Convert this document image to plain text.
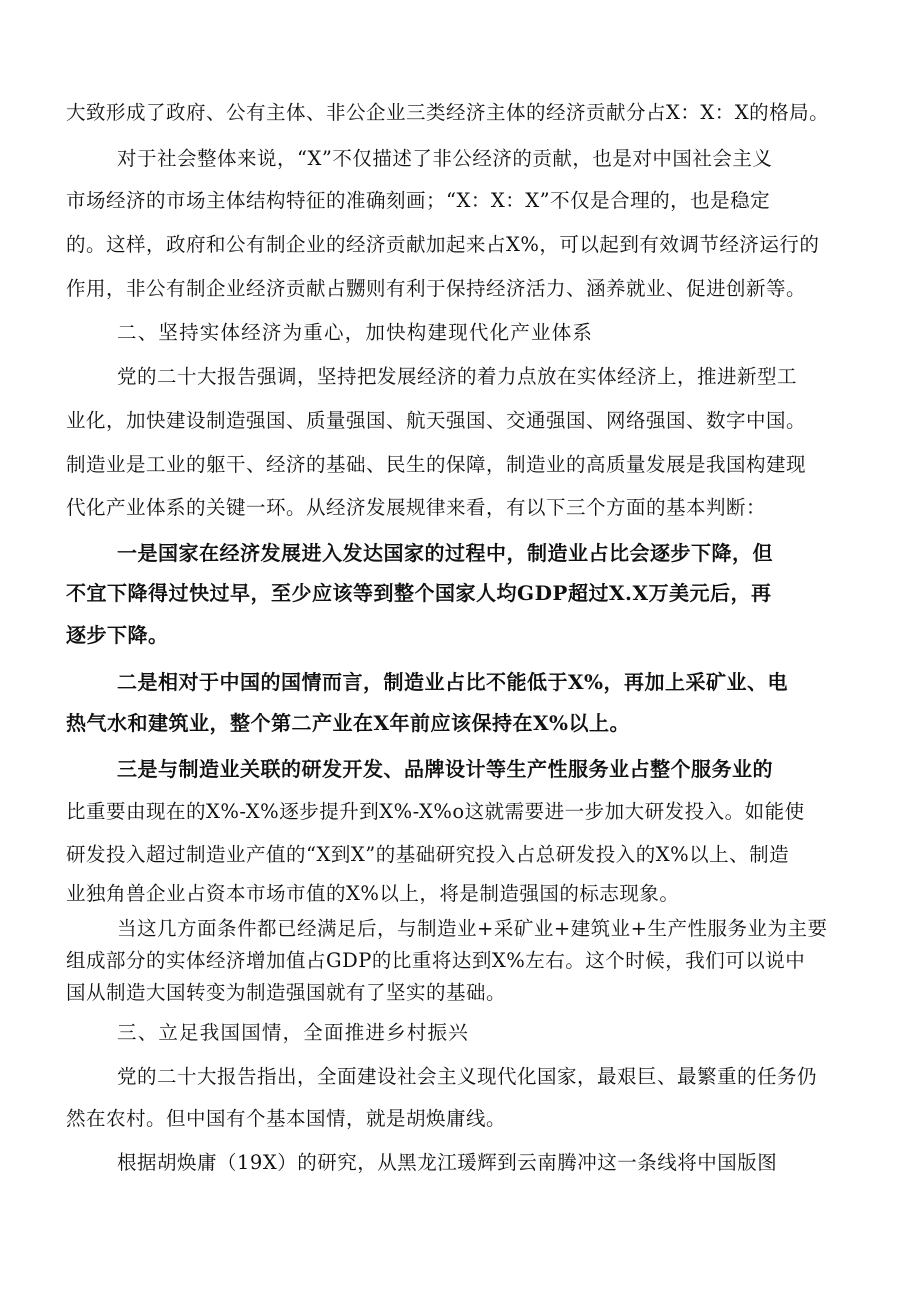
大致形成了政府、公有主体、非公企业三类经济主体的经济贡献分占X：X：X的格局。
对于社会整体来说，“X”不仅描述了非公经济的贡献，也是对中国社会主义
市场经济的市场主体结构特征的准确刻画；“X：X：X”不仅是合理的，也是稳定
的。这样，政府和公有制企业的经济贡献加起来占X%，可以起到有效调节经济运行的
作用，非公有制企业经济贡献占嬲则有利于保持经济活力、涵养就业、促进创新等。
二、坚持实体经济为重心，加快构建现代化产业体系
党的二十大报告强调，坚持把发展经济的着力点放在实体经济上，推进新型工
业化，加快建设制造强国、质量强国、航天强国、交通强国、网络强国、数字中国。
制造业是工业的躯干、经济的基础、民生的保障，制造业的高质量发展是我国构建现
代化产业体系的关键一环。从经济发展规律来看，有以下三个方面的基本判断：
一是国家在经济发展进入发达国家的过程中，制造业占比会逐步下降，但
不宜下降得过快过早，至少应该等到整个国家人均GDP超过X.X万美元后，再
逐步下降。
二是相对于中国的国情而言，制造业占比不能低于X%，再加上采矿业、电
热气水和建筑业，整个第二产业在X年前应该保持在X%以上。
三是与制造业关联的研发开发、品牌设计等生产性服务业占整个服务业的
比重要由现在的X%-X%逐步提升到X%-X%o这就需要进一步加大研发投入。如能使
研发投入超过制造业产值的“X到X”的基础研究投入占总研发投入的X%以上、制造
业独角兽企业占资本市场市值的X%以上，将是制造强国的标志现象。
当这几方面条件都已经满足后，与制造业+采矿业+建筑业+生产性服务业为主要
组成部分的实体经济增加值占GDP的比重将达到X%左右。这个时候，我们可以说中
国从制造大国转变为制造强国就有了坚实的基础。
三、立足我国国情，全面推进乡村振兴
党的二十大报告指出，全面建设社会主义现代化国家，最艰巨、最繁重的任务仍
然在农村。但中国有个基本国情，就是胡焕庸线。
根据胡焕庸（19X）的研究，从黑龙江瑗辉到云南腾冲这一条线将中国版图
